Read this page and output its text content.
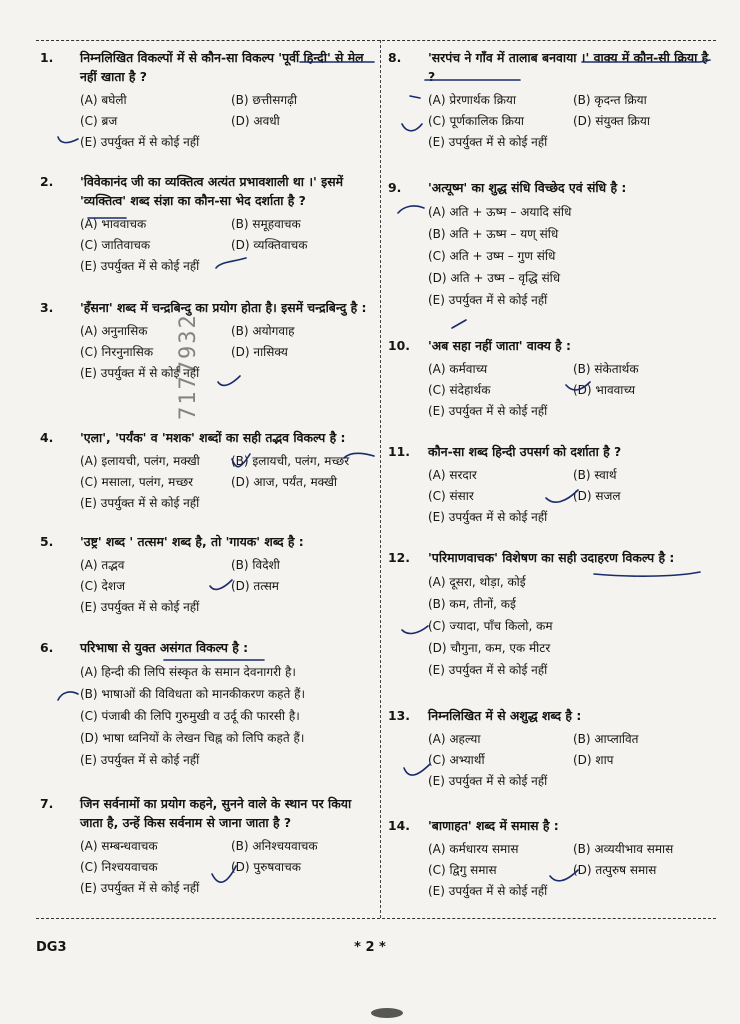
1. निम्नलिखित विकल्पों में से कौन-सा विकल्प 'पूर्वी हिन्दी' से मेल नहीं खाता है ?
(A) बघेली	(B) छत्तीसगढ़ी
(C) ब्रज	(D) अवधी
(E) उपर्युक्त में से कोई नहीं
2. 'विवेकानंद जी का व्यक्तित्व अत्यंत प्रभावशाली था ।' इसमें 'व्यक्तित्व' शब्द संज्ञा का कौन-सा भेद दर्शाता है ?
(A) भाववाचक	(B) समूहवाचक
(C) जातिवाचक	(D) व्यक्तिवाचक
(E) उपर्युक्त में से कोई नहीं
3. 'हँसना' शब्द में चन्द्रबिन्दु का प्रयोग होता है। इसमें चन्द्रबिन्दु है :
(A) अनुनासिक	(B) अयोगवाह
(C) निरनुनासिक	(D) नासिक्य
(E) उपर्युक्त में से कोई नहीं
4. 'एला', 'पर्यंक' व 'मशक' शब्दों का सही तद्भव विकल्प है :
(A) इलायची, पलंग, मक्खी	(B) इलायची, पलंग, मच्छर
(C) मसाला, पलंग, मच्छर	(D) आज, पर्यंत, मक्खी
(E) उपर्युक्त में से कोई नहीं
5. 'उष्ट्र' शब्द ' तत्सम' शब्द है, तो 'गायक' शब्द है :
(A) तद्भव	(B) विदेशी
(C) देशज	(D) तत्सम
(E) उपर्युक्त में से कोई नहीं
6. परिभाषा से युक्त असंगत विकल्प है :
(A) हिन्दी की लिपि संस्कृत के समान देवनागरी है।
(B) भाषाओं की विविधता को मानकीकरण कहते हैं।
(C) पंजाबी की लिपि गुरुमुखी व उर्दू की फारसी है।
(D) भाषा ध्वनियों के लेखन चिह्न को लिपि कहते हैं।
(E) उपर्युक्त में से कोई नहीं
7. जिन सर्वनामों का प्रयोग कहने, सुनने वाले के स्थान पर किया जाता है, उन्हें किस सर्वनाम से जाना जाता है ?
(A) सम्बन्धवाचक	(B) अनिश्चयवाचक
(C) निश्चयवाचक	(D) पुरुषवाचक
(E) उपर्युक्त में से कोई नहीं
8. 'सरपंच ने गाँव में तालाब बनवाया ।' वाक्य में कौन-सी क्रिया है ?
(A) प्रेरणार्थक क्रिया	(B) कृदन्त क्रिया
(C) पूर्णकालिक क्रिया	(D) संयुक्त क्रिया
(E) उपर्युक्त में से कोई नहीं
9. 'अत्यूष्म' का शुद्ध संधि विच्छेद एवं संधि है :
(A) अति + ऊष्म – अयादि संधि
(B) अति + ऊष्म – यण् संधि
(C) अति + उष्म – गुण संधि
(D) अति + उष्म – वृद्धि संधि
(E) उपर्युक्त में से कोई नहीं
10. 'अब सहा नहीं जाता' वाक्य है :
(A) कर्मवाच्य	(B) संकेतार्थक
(C) संदेहार्थक	(D) भाववाच्य
(E) उपर्युक्त में से कोई नहीं
11. कौन-सा शब्द हिन्दी उपसर्ग को दर्शाता है ?
(A) सरदार	(B) स्वार्थ
(C) संसार	(D) सजल
(E) उपर्युक्त में से कोई नहीं
12. 'परिमाणवाचक' विशेषण का सही उदाहरण विकल्प है :
(A) दूसरा, थोड़ा, कोई
(B) कम, तीनों, कई
(C) ज्यादा, पाँच किलो, कम
(D) चौगुना, कम, एक मीटर
(E) उपर्युक्त में से कोई नहीं
13. निम्नलिखित में से अशुद्ध शब्द है :
(A) अहल्या	(B) आप्लावित
(C) अभ्यार्थी	(D) शाप
(E) उपर्युक्त में से कोई नहीं
14. 'बाणाहत' शब्द में समास है :
(A) कर्मधारय समास	(B) अव्ययीभाव समास
(C) द्विगु समास	(D) तत्पुरुष समास
(E) उपर्युक्त में से कोई नहीं
7177932
DG3	* 2 *
